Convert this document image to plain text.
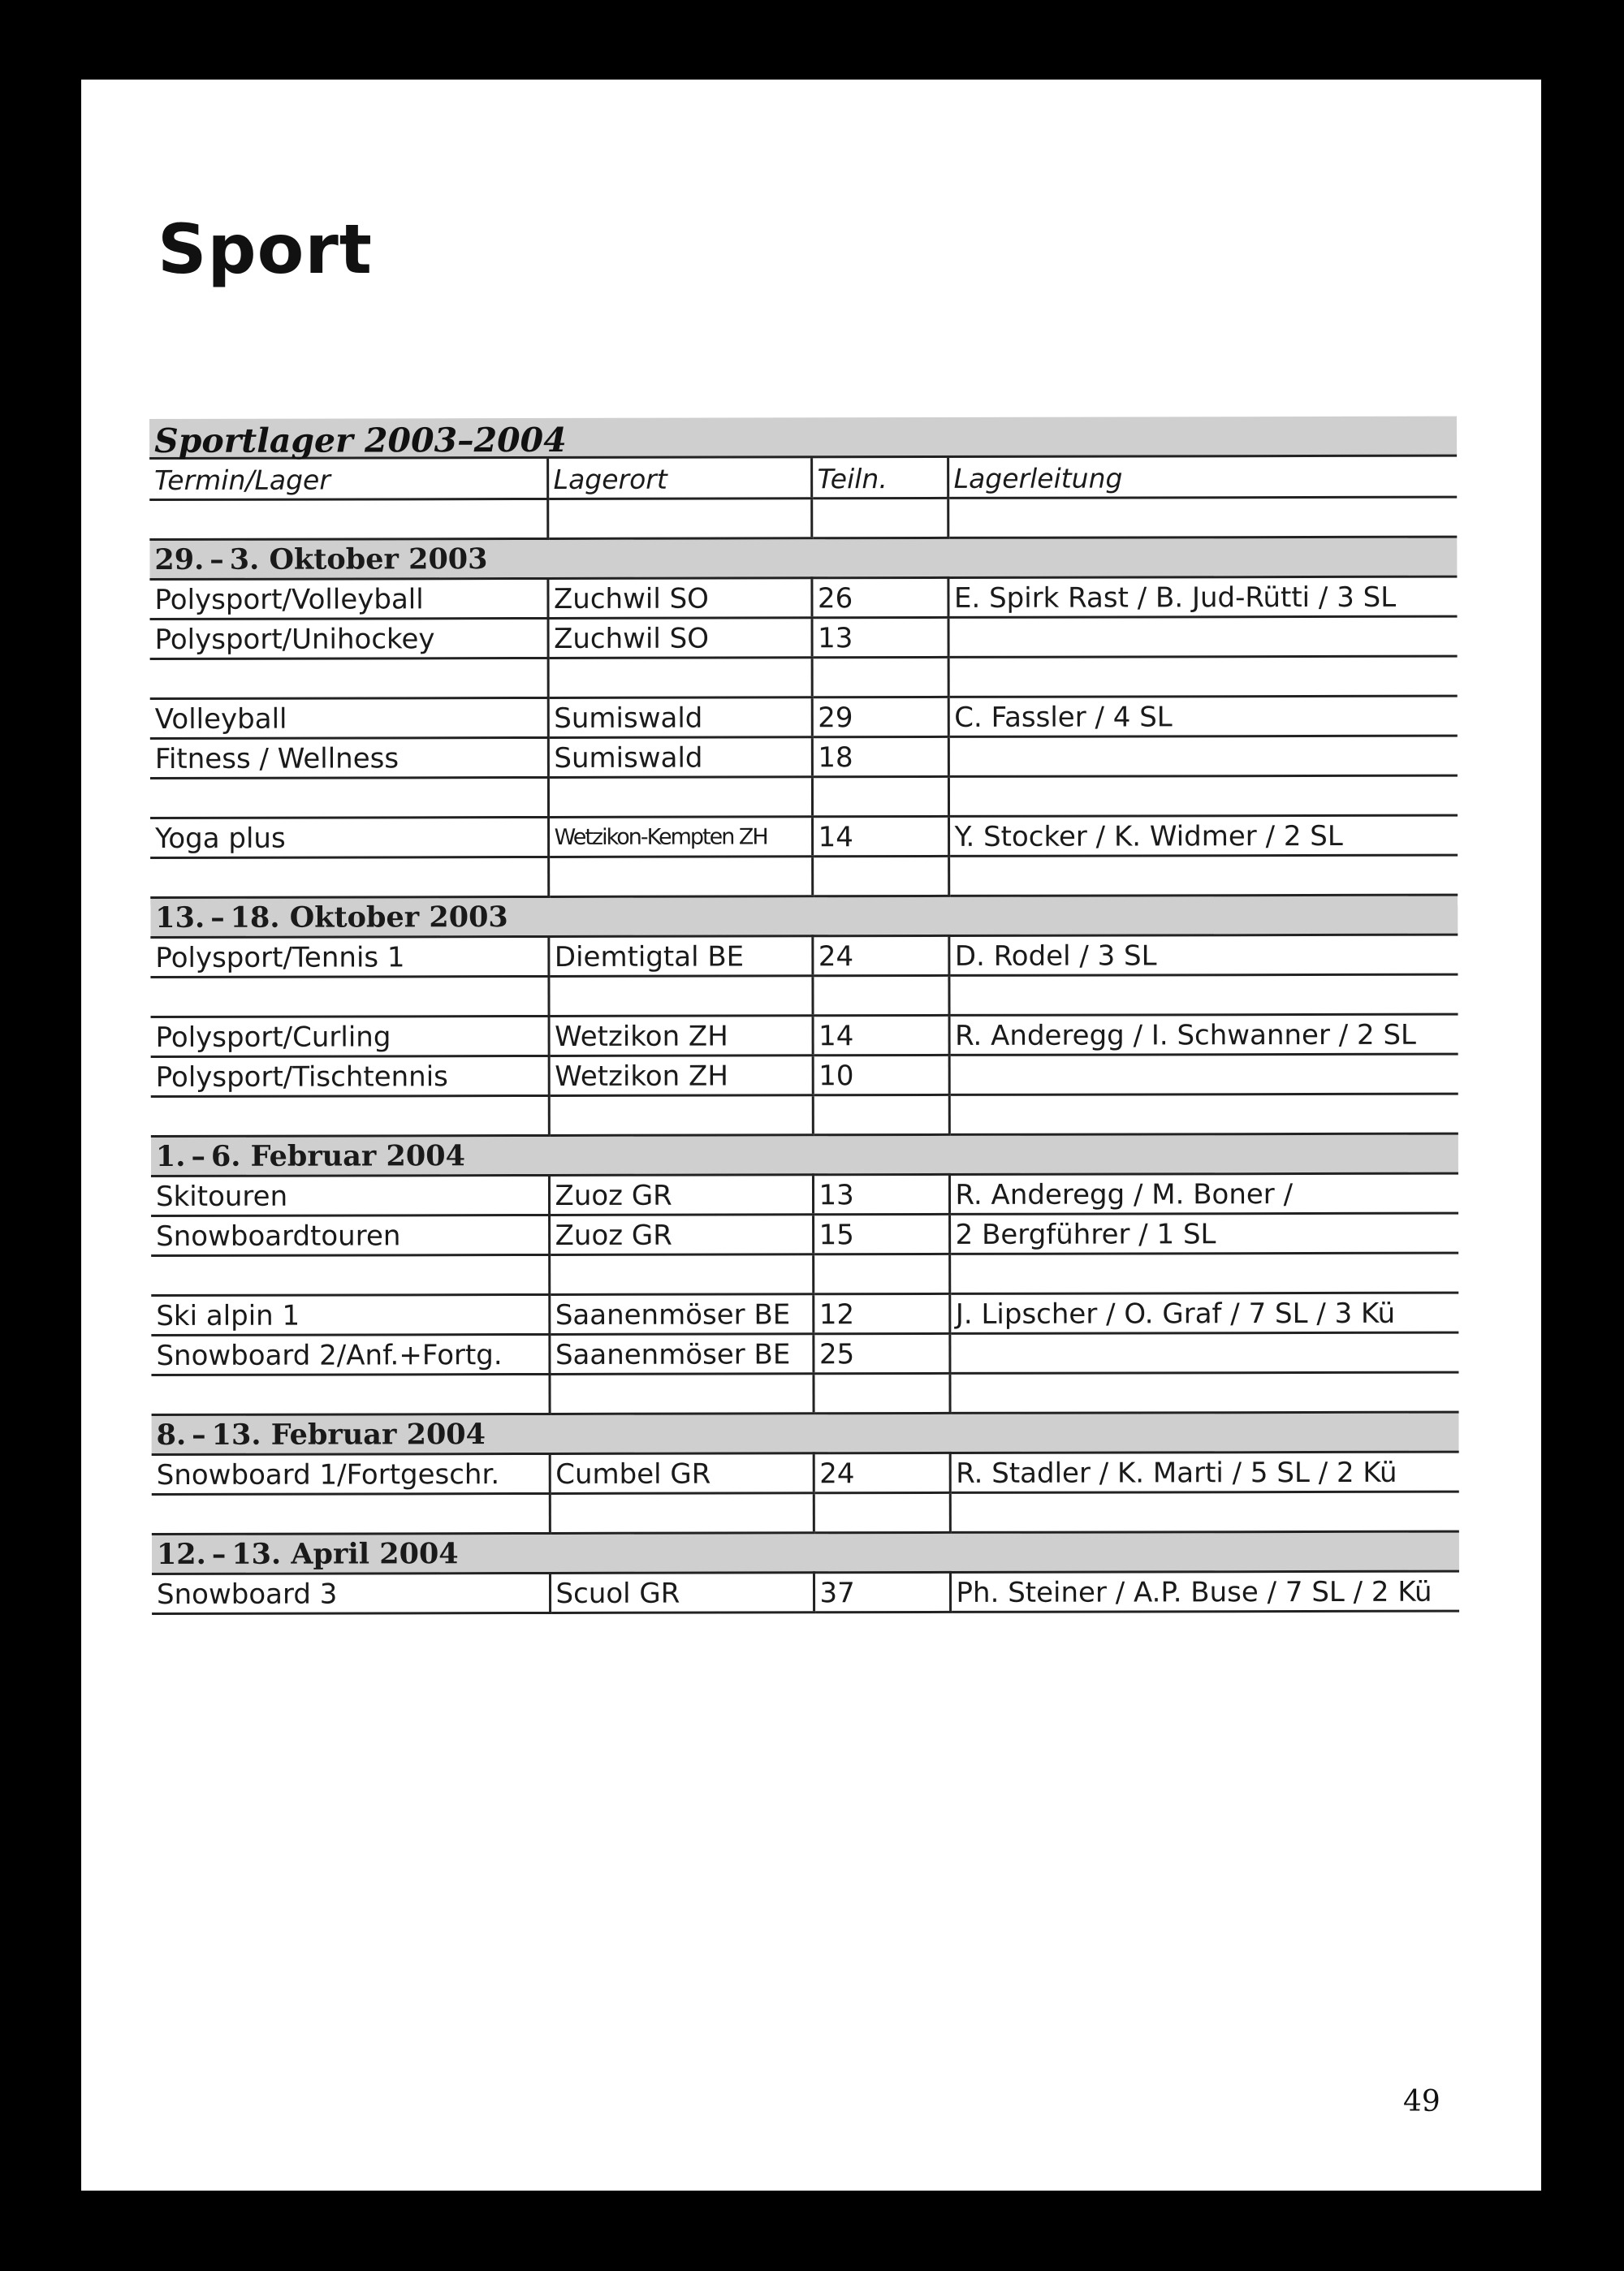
Sport
Sportlager 2003–2004
Termin/Lager	Lagerort	Teiln.	Lagerleitung

29. – 3. Oktober 2003			
Polysport/Volleyball	Zuchwil SO	26	E. Spirk Rast / B. Jud-Rütti / 3 SL
Polysport/Unihockey	Zuchwil SO	13	

Volleyball	Sumiswald	29	C. Fassler / 4 SL
Fitness / Wellness	Sumiswald	18	

Yoga plus	Wetzikon-Kempten ZH	14	Y. Stocker / K. Widmer / 2 SL

13. – 18. Oktober 2003			
Polysport/Tennis 1	Diemtigtal BE	24	D. Rodel / 3 SL

Polysport/Curling	Wetzikon ZH	14	R. Anderegg / I. Schwanner / 2 SL
Polysport/Tischtennis	Wetzikon ZH	10	

1. – 6. Februar 2004			
Skitouren	Zuoz GR	13	R. Anderegg / M. Boner /
Snowboardtouren	Zuoz GR	15	2 Bergführer / 1 SL

Ski alpin 1	Saanenmöser BE	12	J. Lipscher / O. Graf / 7 SL / 3 Kü
Snowboard 2/Anf.+Fortg.	Saanenmöser BE	25	

8. – 13. Februar 2004			
Snowboard 1/Fortgeschr.	Cumbel GR	24	R. Stadler / K. Marti / 5 SL / 2 Kü

12. – 13. April 2004			
Snowboard 3	Scuol GR	37	Ph. Steiner / A.P. Buse / 7 SL / 2 Kü

49
